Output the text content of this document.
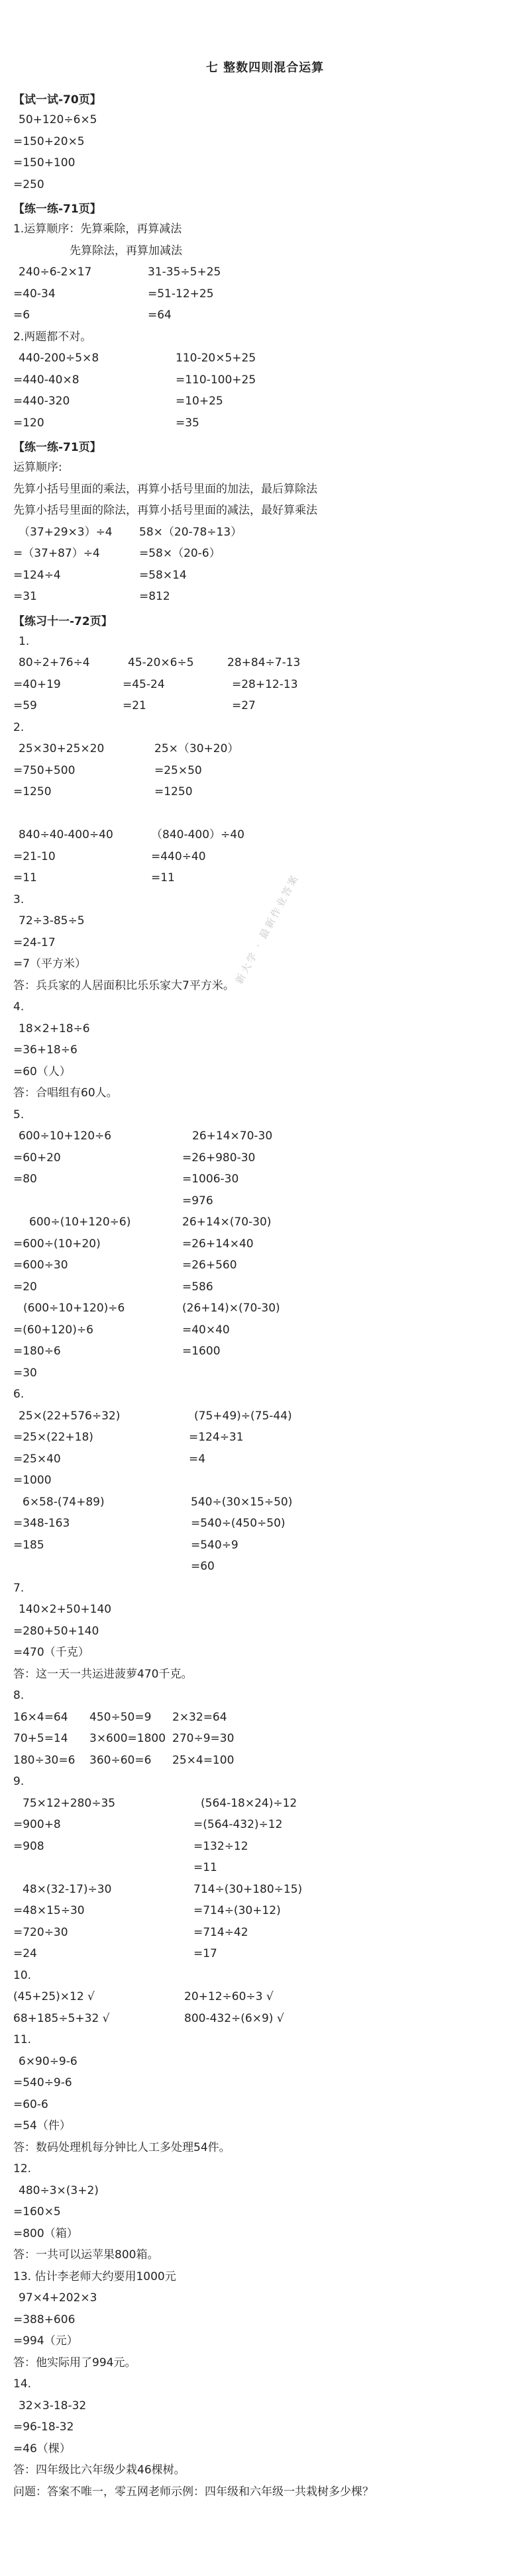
新大学 · 最新作业答案
七 整数四则混合运算
【试一试-70页】
50+120÷6×5
=150+20×5
=150+100
=250
【练一练-71页】
1.运算顺序：先算乘除，再算减法
先算除法，再算加减法
240÷6-2×17	31-35÷5+25
=40-34	=51-12+25
=6	=64
2.两题都不对。
440-200÷5×8	110-20×5+25
=440-40×8	=110-100+25
=440-320	=10+25
=120	=35
【练一练-71页】
运算顺序:
先算小括号里面的乘法，再算小括号里面的加法，最后算除法
先算小括号里面的除法，再算小括号里面的减法，最好算乘法
（37+29×3）÷4	58×（20-78÷13）
=（37+87）÷4	=58×（20-6）
=124÷4	=58×14
=31	=812
【练习十一-72页】
1.
80÷2+76÷4	45-20×6÷5	28+84÷7-13
=40+19	=45-24	=28+12-13
=59	=21	=27
2.
25×30+25×20	25×（30+20）
=750+500	=25×50
=1250	=1250
840÷40-400÷40	（840-400）÷40
=21-10	=440÷40
=11	=11
3.
72÷3-85÷5
=24-17
=7（平方米）
答：兵兵家的人居面积比乐乐家大7平方米。
4.
18×2+18÷6
=36+18÷6
=60（人）
答：合唱组有60人。
5.
600÷10+120÷6	26+14×70-30
=60+20	=26+980-30
=80	=1006-30
=976
600÷(10+120÷6)	26+14×(70-30)
=600÷(10+20)	=26+14×40
=600÷30	=26+560
=20	=586
(600÷10+120)÷6	(26+14)×(70-30)
=(60+120)÷6	=40×40
=180÷6	=1600
=30
6.
25×(22+576÷32)	(75+49)÷(75-44)
=25×(22+18)	=124÷31
=25×40	=4
=1000
6×58-(74+89)	540÷(30×15÷50)
=348-163	=540÷(450÷50)
=185	=540÷9
=60
7.
140×2+50+140
=280+50+140
=470（千克）
答：这一天一共运进菠萝470千克。
8.
16×4=64	450÷50=9	2×32=64
70+5=14	3×600=1800 270÷9=30
180÷30=6	360÷60=6	25×4=100
9.
75×12+280÷35	(564-18×24)÷12
=900+8	=(564-432)÷12
=908	=132÷12
=11
48×(32-17)÷30	714÷(30+180÷15)
=48×15÷30	=714÷(30+12)
=720÷30	=714÷42
=24	=17
10.
(45+25)×12 √	20+12÷60÷3 √
68+185÷5+32 √	800-432÷(6×9) √
11.
6×90÷9-6
=540÷9-6
=60-6
=54（件）
答：数码处理机每分钟比人工多处理54件。
12.
480÷3×(3+2)
=160×5
=800（箱）
答：一共可以运苹果800箱。
13. 估计李老师大约要用1000元
97×4+202×3
=388+606
=994（元）
答：他实际用了994元。
14.
32×3-18-32
=96-18-32
=46（棵）
答：四年级比六年级少栽46棵树。
问题：答案不唯一，零五网老师示例：四年级和六年级一共栽树多少棵？
